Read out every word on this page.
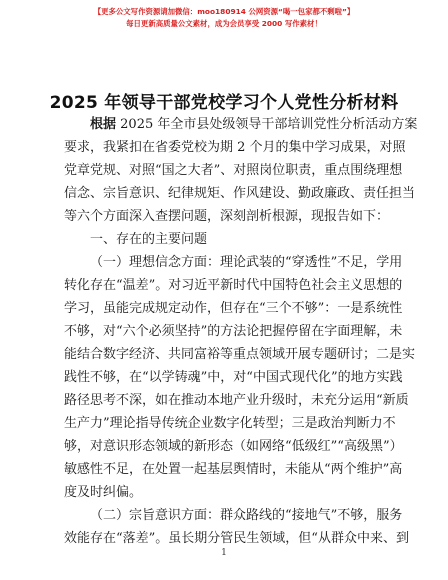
【更多公文写作资源请加微信：moo180914 公网资源“喝一包家都不剩啦”】
每日更新高质量公文素材，成为会员享受 2000 写作素材！
2025 年领导干部党校学习个人党性分析材料
根据 2025 年全市县处级领导干部培训党性分析活动方案
要求，我紧扣在省委党校为期 2 个月的集中学习成果，对照
党章党规、对照“国之大者”、对照岗位职责，重点围绕理想
信念、宗旨意识、纪律规矩、作风建设、勤政廉政、责任担当
等六个方面深入查摆问题，深刻剖析根源，现报告如下：
一、存在的主要问题
（一）理想信念方面：理论武装的“穿透性”不足，学用
转化存在“温差”。对习近平新时代中国特色社会主义思想的
学习，虽能完成规定动作，但存在“三个不够”：一是系统性
不够，对“六个必须坚持”的方法论把握停留在字面理解，未
能结合数字经济、共同富裕等重点领域开展专题研讨；二是实
践性不够，在“以学铸魂”中，对“中国式现代化”的地方实践
路径思考不深，如在推动本地产业升级时，未充分运用“新质
生产力”理论指导传统企业数字化转型；三是政治判断力不
够，对意识形态领域的新形态（如网络“低级红”“高级黑”）
敏感性不足，在处置一起基层舆情时，未能从“两个维护”高
度及时纠偏。
（二）宗旨意识方面：群众路线的“接地气”不够，服务
效能存在“落差”。虽长期分管民生领域，但“从群众中来、到
1
